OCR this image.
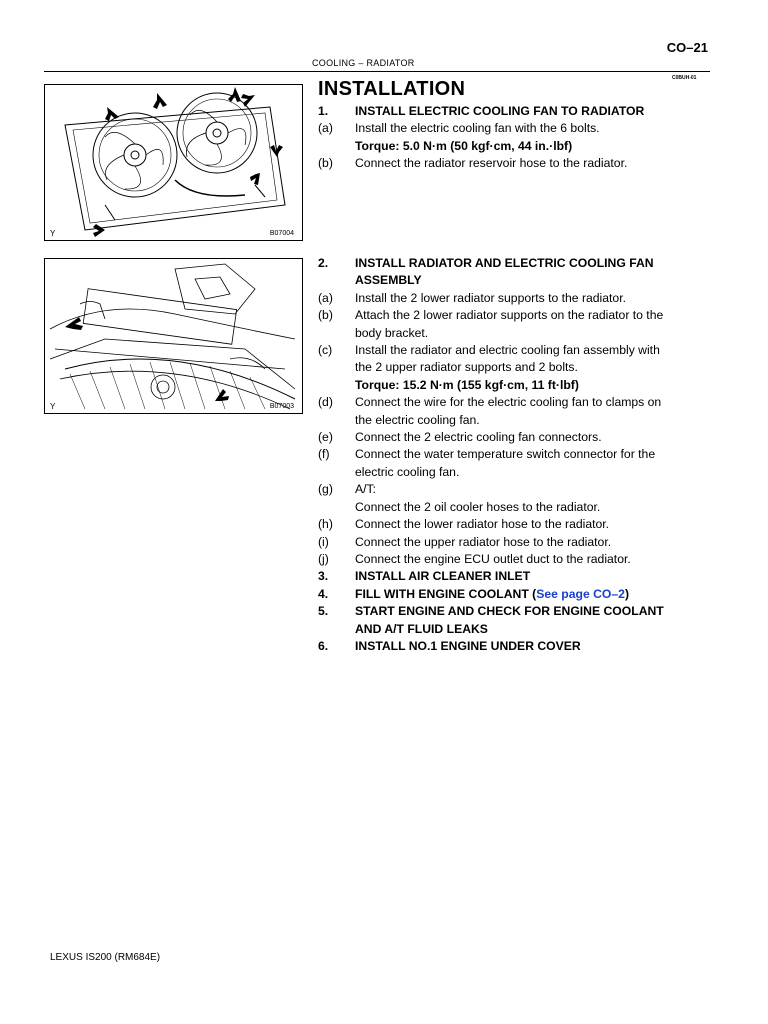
CO–21
COOLING – RADIATOR
C0BUH-01
INSTALLATION
Y	B07004
Y	B07003
1.	INSTALL ELECTRIC COOLING FAN TO RADIATOR
(a)	Install the electric cooling fan with the 6 bolts.
Torque: 5.0 N·m (50 kgf·cm, 44 in.·lbf)
(b)	Connect the radiator reservoir hose to the radiator.
2.	INSTALL RADIATOR AND ELECTRIC COOLING FAN
ASSEMBLY
(a)	Install the 2 lower radiator supports to the radiator.
(b)	Attach the 2 lower radiator supports on the radiator to the
body bracket.
(c)	Install the radiator and electric cooling fan assembly with
the 2 upper radiator supports and 2 bolts.
Torque: 15.2 N·m (155 kgf·cm, 11 ft·lbf)
(d)	Connect the wire for the electric cooling fan to clamps on
the electric cooling fan.
(e)	Connect the 2 electric cooling fan connectors.
(f)	Connect the water temperature switch connector for the
electric cooling fan.
(g)	A/T:
Connect the 2 oil cooler hoses to the radiator.
(h)	Connect the lower radiator hose to the radiator.
(i)	Connect the upper radiator hose to the radiator.
(j)	Connect the engine ECU outlet duct to the radiator.
3.	INSTALL AIR CLEANER INLET
4.	FILL WITH ENGINE COOLANT (See page CO–2)
5.	START ENGINE AND CHECK FOR ENGINE COOLANT
AND A/T FLUID LEAKS
6.	INSTALL NO.1 ENGINE UNDER COVER
LEXUS IS200 (RM684E)
